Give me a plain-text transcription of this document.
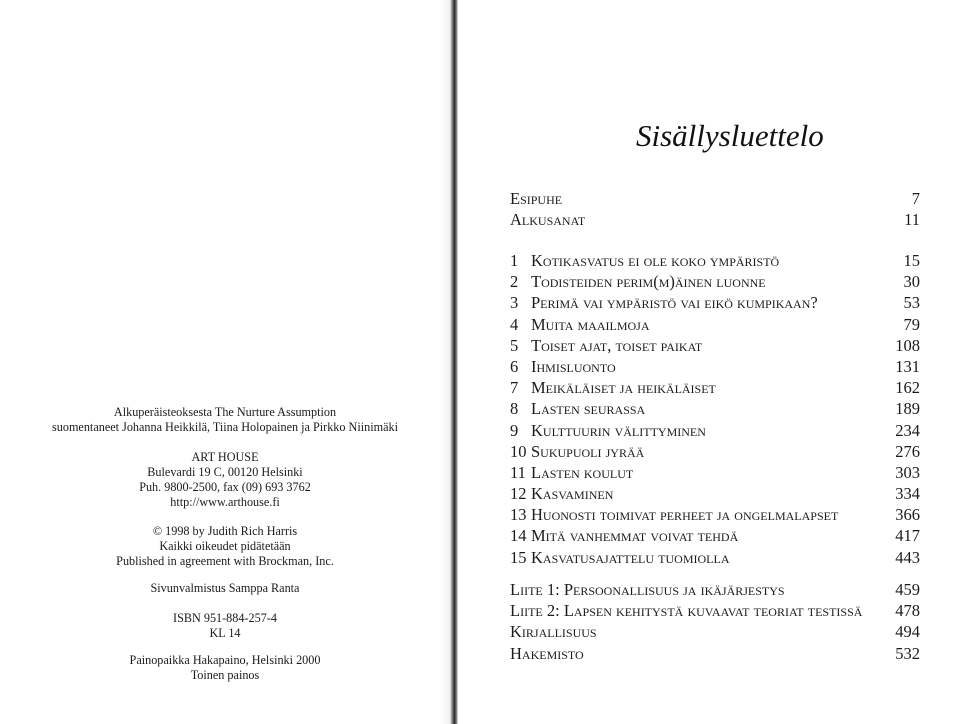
Alkuperäisteoksesta The Nurture Assumption
suomentaneet Johanna Heikkilä, Tiina Holopainen ja Pirkko Niinimäki
ART HOUSE
Bulevardi 19 C, 00120 Helsinki
Puh. 9800-2500, fax (09) 693 3762
http://www.arthouse.fi
© 1998 by Judith Rich Harris
Kaikki oikeudet pidätetään
Published in agreement with Brockman, Inc.
Sivunvalmistus Samppa Ranta
ISBN 951-884-257-4
KL 14
Painopaikka Hakapaino, Helsinki 2000
Toinen painos
Sisällysluettelo
Esipuhe	7
Alkusanat	11
1 Kotikasvatus ei ole koko ympäristö	15
2 Todisteiden perim(m)äinen luonne	30
3 Perimä vai ympäristö vai eikö kumpikaan?	53
4 Muita maailmoja	79
5 Toiset ajat, toiset paikat	108
6 Ihmisluonto	131
7 Meikäläiset ja heikäläiset	162
8 Lasten seurassa	189
9 Kulttuurin välittyminen	234
10 Sukupuoli jyrää	276
11 Lasten koulut	303
12 Kasvaminen	334
13 Huonosti toimivat perheet ja ongelmalapset	366
14 Mitä vanhemmat voivat tehdä	417
15 Kasvatusajattelu tuomiolla	443
Liite 1: Persoonallisuus ja ikäjärjestys	459
Liite 2: Lapsen kehitystä kuvaavat teoriat testissä 478
Kirjallisuus	494
Hakemisto	532
